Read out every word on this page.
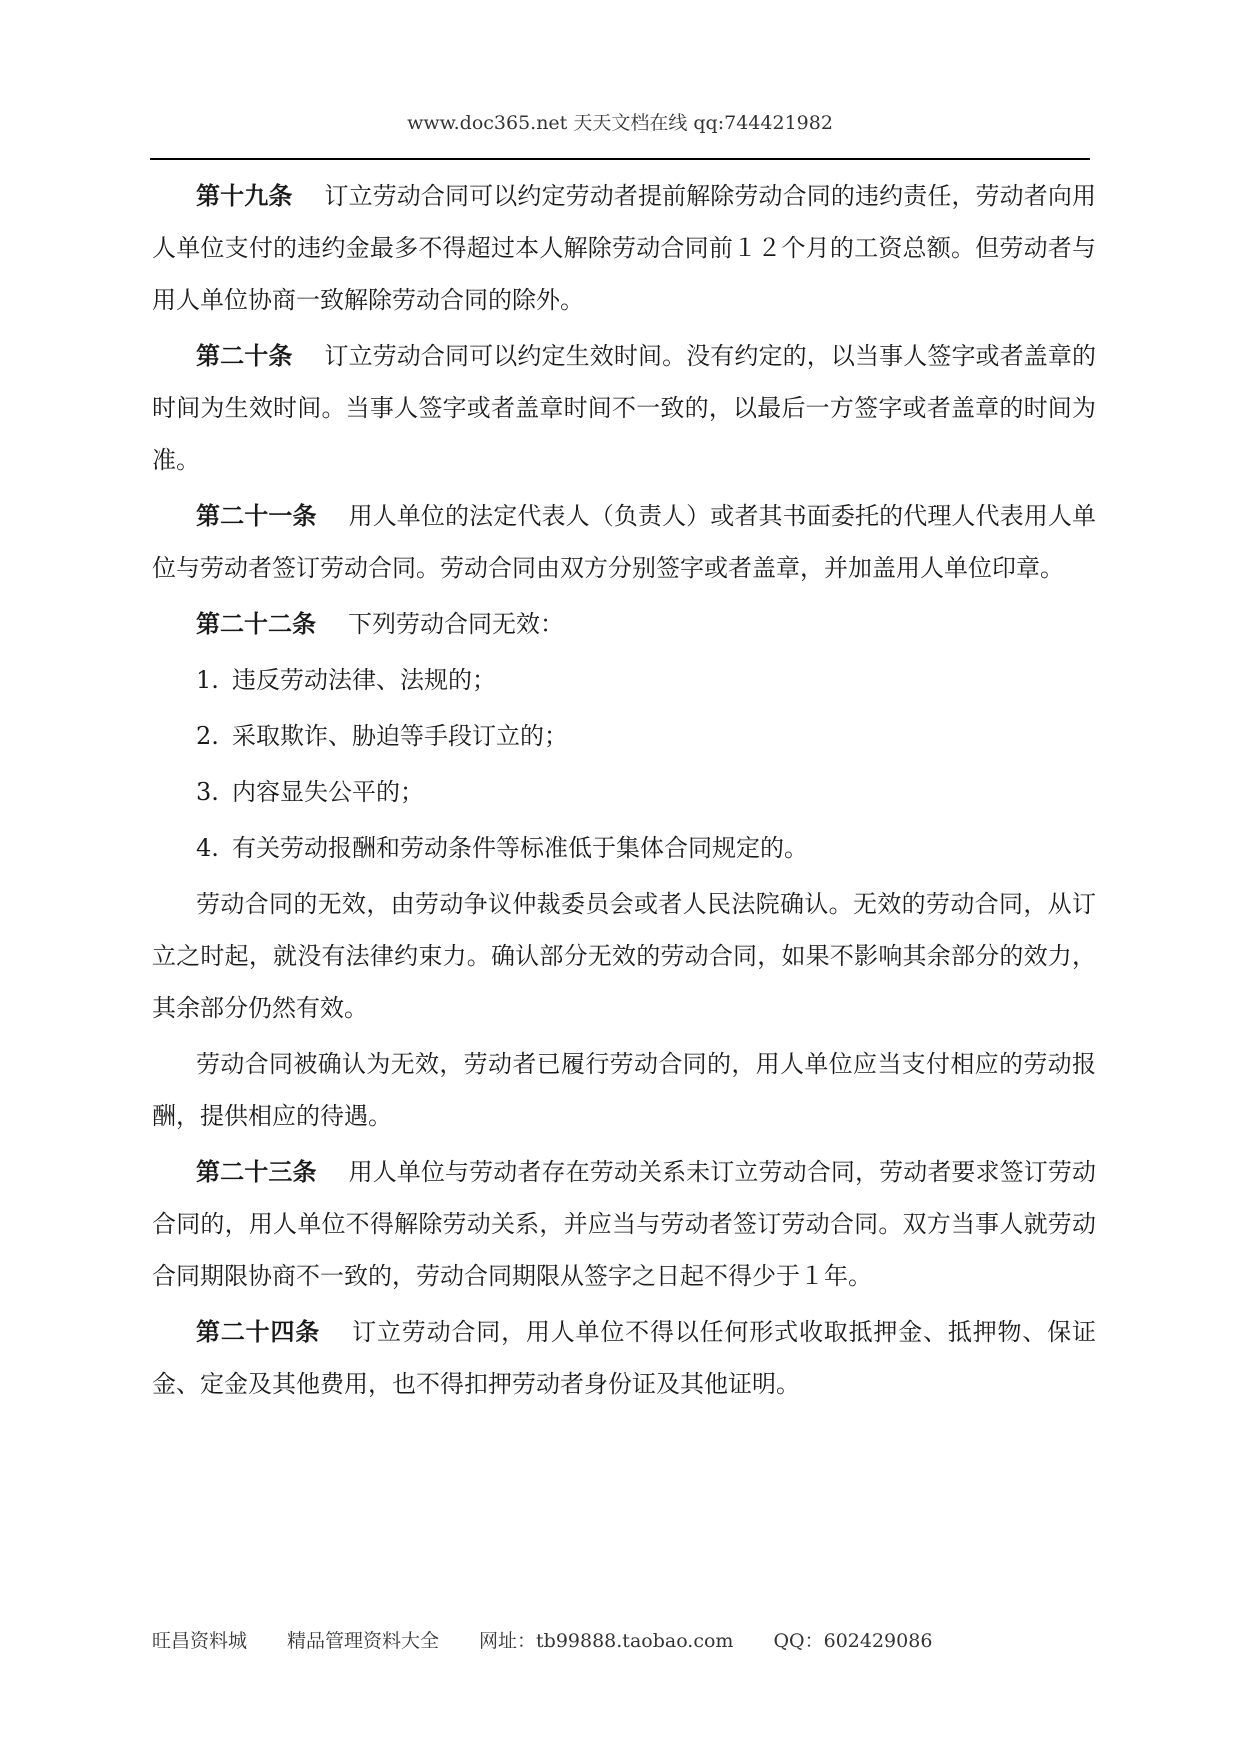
www.doc365.net 天天文档在线 qq:744421982

第十九条 订立劳动合同可以约定劳动者提前解除劳动合同的违约责任，劳动者向用人单位支付的违约金最多不得超过本人解除劳动合同前１２个月的工资总额。但劳动者与用人单位协商一致解除劳动合同的除外。

第二十条 订立劳动合同可以约定生效时间。没有约定的，以当事人签字或者盖章的时间为生效时间。当事人签字或者盖章时间不一致的，以最后一方签字或者盖章的时间为准。

第二十一条 用人单位的法定代表人（负责人）或者其书面委托的代理人代表用人单位与劳动者签订劳动合同。劳动合同由双方分别签字或者盖章，并加盖用人单位印章。

第二十二条 下列劳动合同无效：

1. 违反劳动法律、法规的；
2. 采取欺诈、胁迫等手段订立的；
3. 内容显失公平的；
4. 有关劳动报酬和劳动条件等标准低于集体合同规定的。

劳动合同的无效，由劳动争议仲裁委员会或者人民法院确认。无效的劳动合同，从订立之时起，就没有法律约束力。确认部分无效的劳动合同，如果不影响其余部分的效力，其余部分仍然有效。

劳动合同被确认为无效，劳动者已履行劳动合同的，用人单位应当支付相应的劳动报酬，提供相应的待遇。

第二十三条 用人单位与劳动者存在劳动关系未订立劳动合同，劳动者要求签订劳动合同的，用人单位不得解除劳动关系，并应当与劳动者签订劳动合同。双方当事人就劳动合同期限协商不一致的，劳动合同期限从签字之日起不得少于１年。

第二十四条 订立劳动合同，用人单位不得以任何形式收取抵押金、抵押物、保证金、定金及其他费用，也不得扣押劳动者身份证及其他证明。

旺昌资料城 精品管理资料大全 网址：tb99888.taobao.com QQ：602429086
